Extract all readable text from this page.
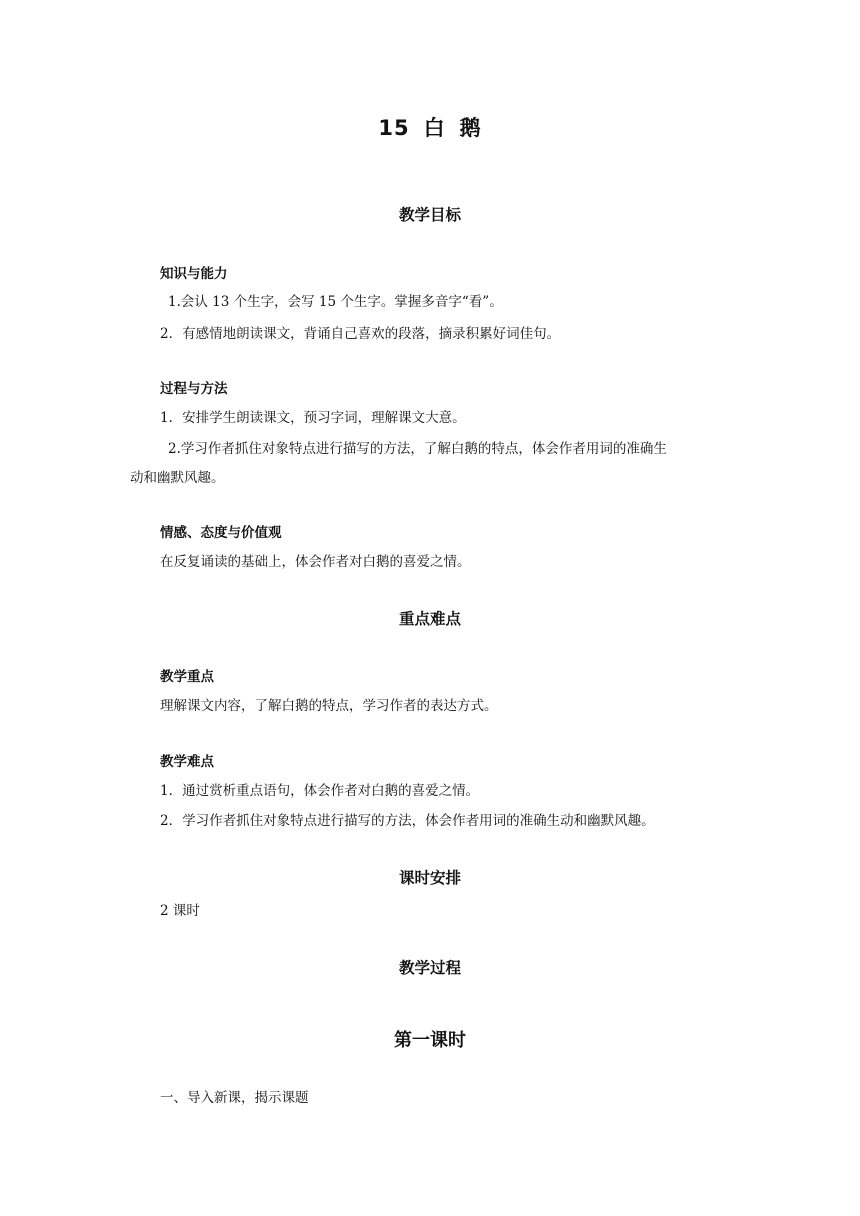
15 白 鹅
教学目标
知识与能力

1.会认 13 个生字，会写 15 个生字。掌握多音字“看”。

2．有感情地朗读课文，背诵自己喜欢的段落，摘录积累好词佳句。

过程与方法

1．安排学生朗读课文，预习字词，理解课文大意。

2.学习作者抓住对象特点进行描写的方法，了解白鹅的特点，体会作者用词的准确生

动和幽默风趣。

情感、态度与价值观

在反复诵读的基础上，体会作者对白鹅的喜爱之情。

重点难点
教学重点

理解课文内容，了解白鹅的特点，学习作者的表达方式。

教学难点

1．通过赏析重点语句，体会作者对白鹅的喜爱之情。

2．学习作者抓住对象特点进行描写的方法，体会作者用词的准确生动和幽默风趣。

课时安排

2 课时

教学过程
第一课时

一、导入新课，揭示课题
